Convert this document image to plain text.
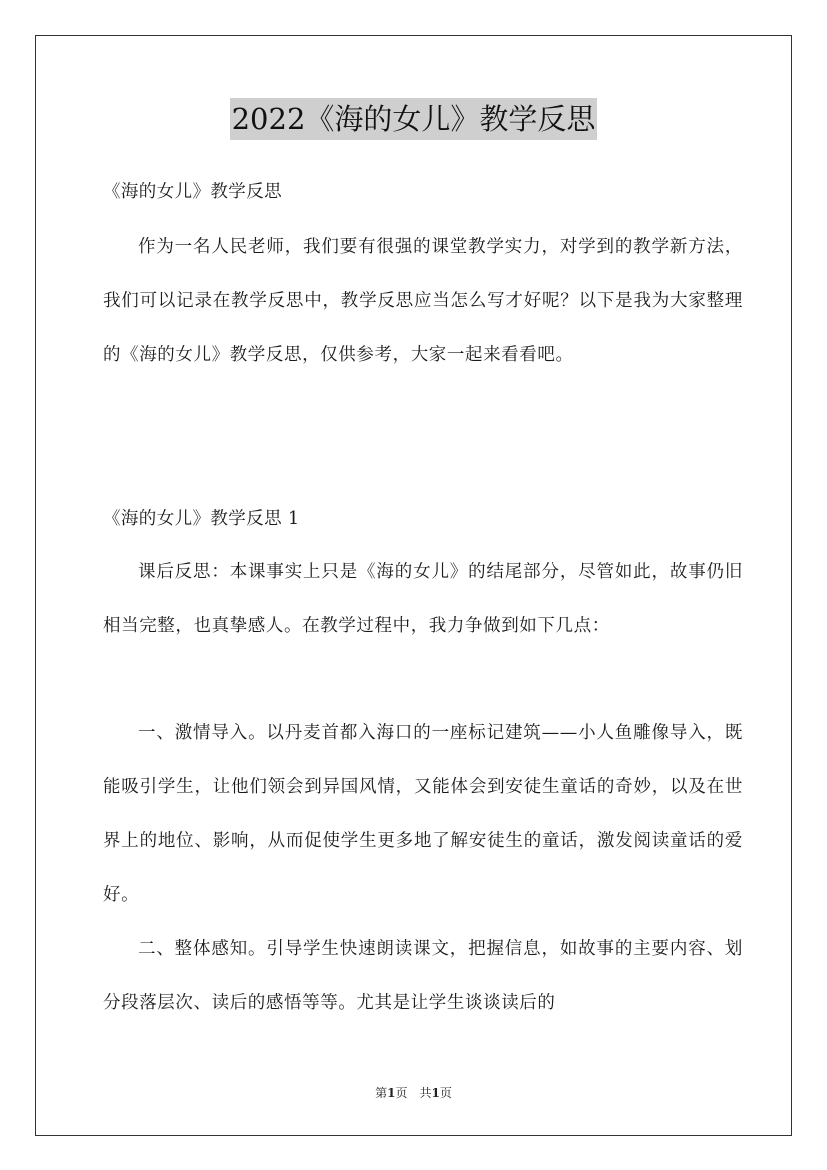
2022《海的女儿》教学反思

《海的女儿》教学反思

作为一名人民老师，我们要有很强的课堂教学实力，对学到的教学新方法，我们可以记录在教学反思中，教学反思应当怎么写才好呢？以下是我为大家整理的《海的女儿》教学反思，仅供参考，大家一起来看看吧。

《海的女儿》教学反思 1

课后反思：本课事实上只是《海的女儿》的结尾部分，尽管如此，故事仍旧相当完整，也真挚感人。在教学过程中，我力争做到如下几点：

一、激情导入。以丹麦首都入海口的一座标记建筑——小人鱼雕像导入，既能吸引学生，让他们领会到异国风情，又能体会到安徒生童话的奇妙，以及在世界上的地位、影响，从而促使学生更多地了解安徒生的童话，激发阅读童话的爱好。

二、整体感知。引导学生快速朗读课文，把握信息，如故事的主要内容、划分段落层次、读后的感悟等等。尤其是让学生谈谈读后的

第1页　共1页
